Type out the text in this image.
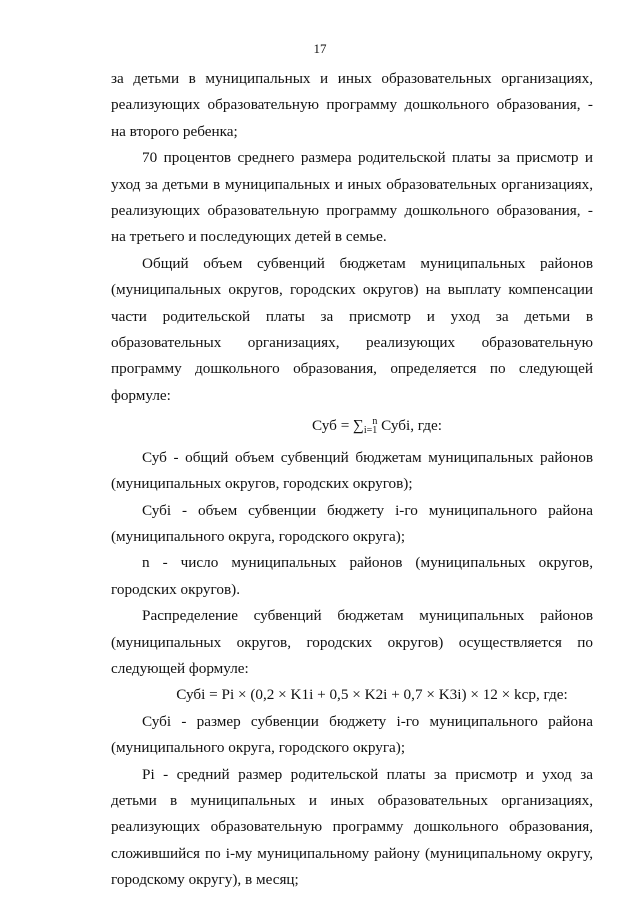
17

за детьми в муниципальных и иных образовательных организациях, реализующих образовательную программу дошкольного образования, - на второго ребенка;

70 процентов среднего размера родительской платы за присмотр и уход за детьми в муниципальных и иных образовательных организациях, реализующих образовательную программу дошкольного образования, - на третьего и последующих детей в семье.

Общий объем субвенций бюджетам муниципальных районов (муниципальных округов, городских округов) на выплату компенсации части родительской платы за присмотр и уход за детьми в образовательных организациях, реализующих образовательную программу дошкольного образования, определяется по следующей формуле:

Суб = $\sum_{i=1}^n$ Субi, где:

Суб - общий объем субвенций бюджетам муниципальных районов (муниципальных округов, городских округов);

Субi - объем субвенции бюджету i-го муниципального района (муниципального округа, городского округа);

n - число муниципальных районов (муниципальных округов, городских округов).

Распределение субвенций бюджетам муниципальных районов (муниципальных округов, городских округов) осуществляется по следующей формуле:

Субi = Pi × (0,2 × K1i + 0,5 × K2i + 0,7 × K3i) × 12 × kcp, где:

Субi - размер субвенции бюджету i-го муниципального района (муниципального округа, городского округа);

Pi - средний размер родительской платы за присмотр и уход за детьми в муниципальных и иных образовательных организациях, реализующих образовательную программу дошкольного образования, сложившийся по i-му муниципальному району (муниципальному округу, городскому округу), в месяц;
